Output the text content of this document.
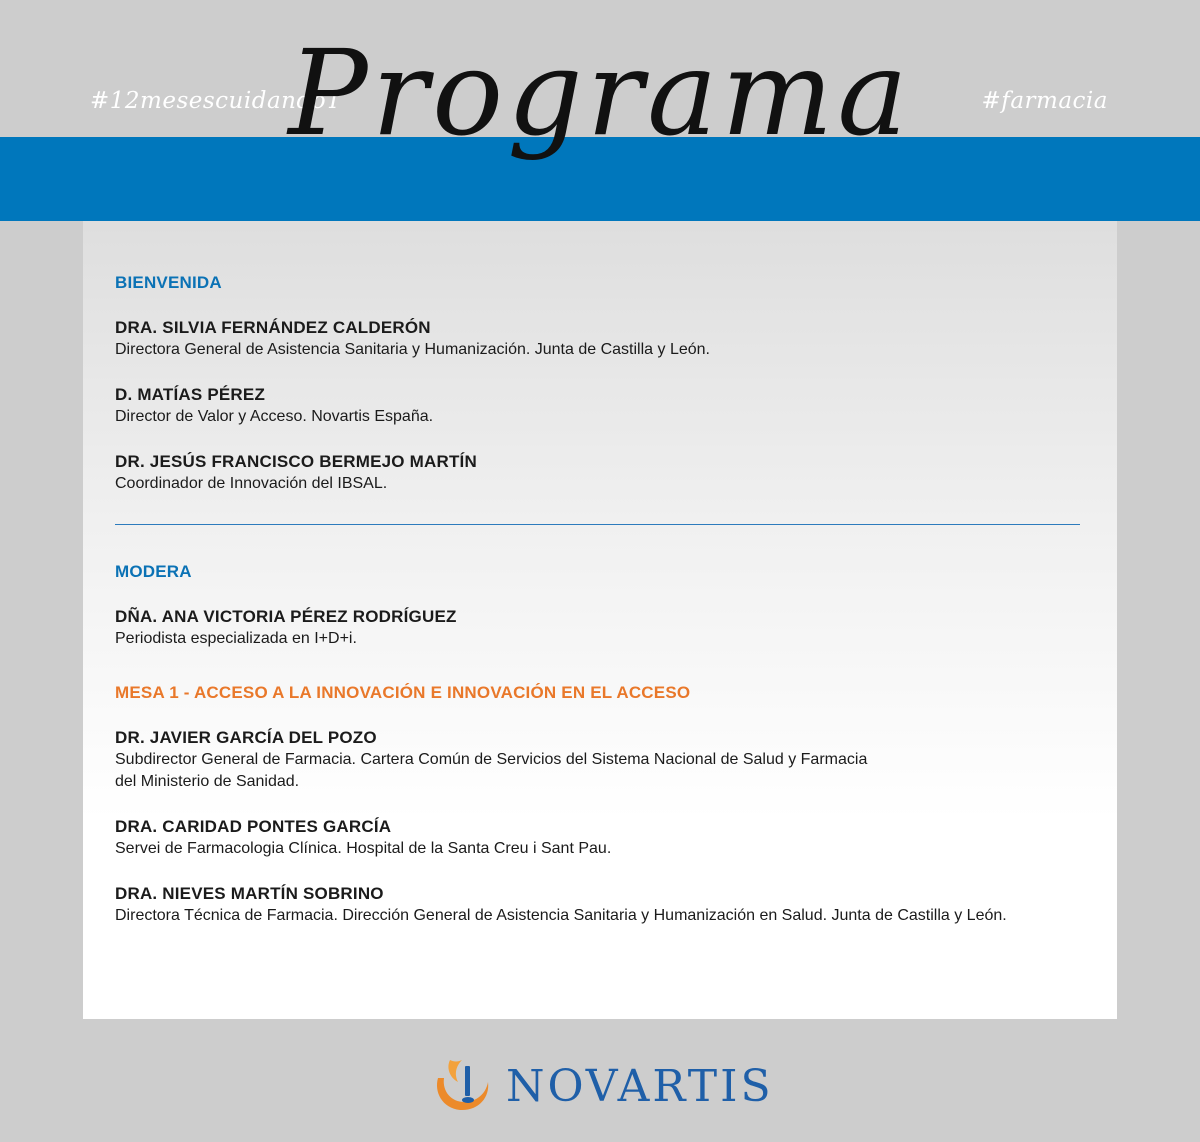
#12mesescuidandoT	#farmacia
Programa
BIENVENIDA
DRA. SILVIA FERNÁNDEZ CALDERÓN
Directora General de Asistencia Sanitaria y Humanización. Junta de Castilla y León.
D. MATÍAS PÉREZ
Director de Valor y Acceso. Novartis España.
DR. JESÚS FRANCISCO BERMEJO MARTÍN
Coordinador de Innovación del IBSAL.
MODERA
DÑA. ANA VICTORIA PÉREZ RODRÍGUEZ
Periodista especializada en I+D+i.
MESA 1 - ACCESO A LA INNOVACIÓN E INNOVACIÓN EN EL ACCESO
DR. JAVIER GARCÍA DEL POZO
Subdirector General de Farmacia. Cartera Común de Servicios del Sistema Nacional de Salud y Farmacia
del Ministerio de Sanidad.
DRA. CARIDAD PONTES GARCÍA
Servei de Farmacologia Clínica. Hospital de la Santa Creu i Sant Pau.
DRA. NIEVES MARTÍN SOBRINO
Directora Técnica de Farmacia. Dirección General de Asistencia Sanitaria y Humanización en Salud. Junta de Castilla y León.
NOVARTIS
